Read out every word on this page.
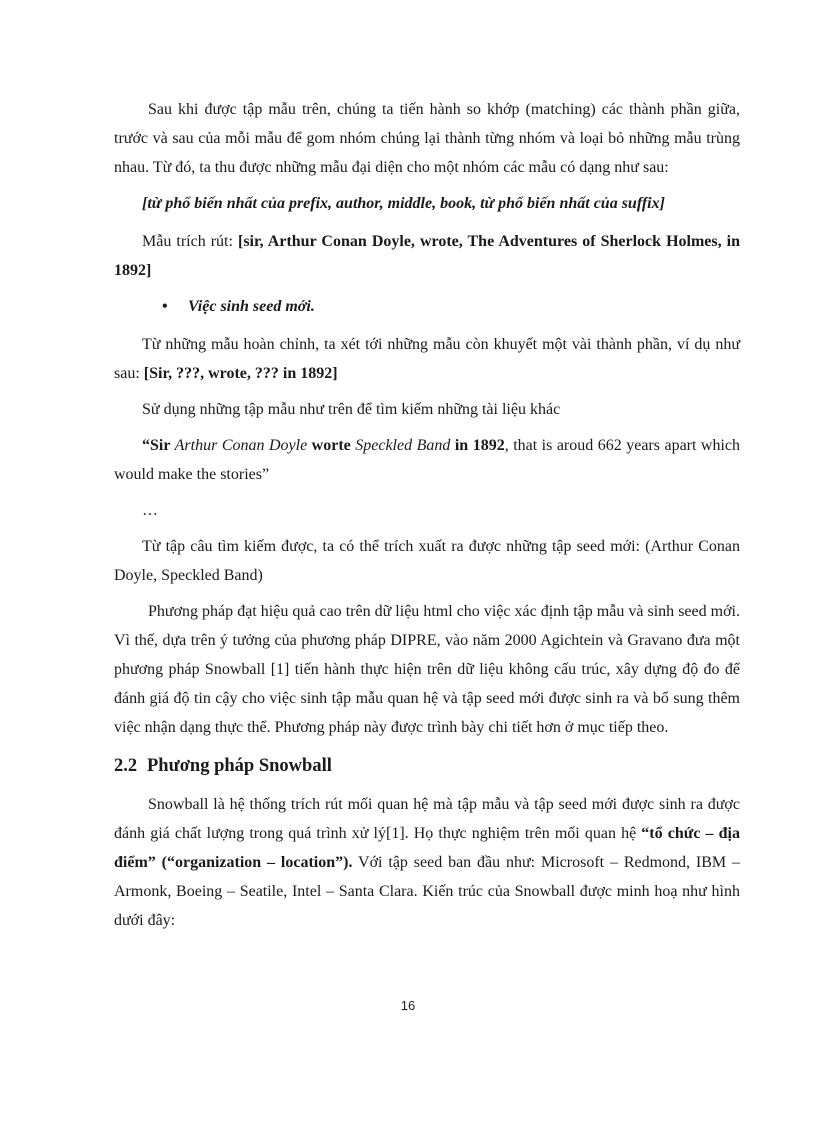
Sau khi được tập mẫu trên, chúng ta tiến hành so khớp (matching) các thành phần giữa, trước và sau của mỗi mẫu để gom nhóm chúng lại thành từng nhóm và loại bỏ những mẫu trùng nhau. Từ đó, ta thu được những mẫu đại diện cho một nhóm các mẫu có dạng như sau:

[từ phổ biến nhất của prefix, author, middle, book, từ phổ biến nhất của suffix]

Mẫu trích rút: [sir, Arthur Conan Doyle, wrote, The Adventures of Sherlock Holmes, in 1892]

• Việc sinh seed mới.

Từ những mẫu hoàn chỉnh, ta xét tới những mẫu còn khuyết một vài thành phần, ví dụ như sau: [Sir, ???, wrote, ??? in 1892]

Sử dụng những tập mẫu như trên để tìm kiếm những tài liệu khác

“Sir Arthur Conan Doyle worte Speckled Band in 1892, that is aroud 662 years apart which would make the stories”

…

Từ tập câu tìm kiếm được, ta có thể trích xuất ra được những tập seed mới: (Arthur Conan Doyle, Speckled Band)

Phương pháp đạt hiệu quả cao trên dữ liệu html cho việc xác định tập mẫu và sinh seed mới. Vì thế, dựa trên ý tưởng của phương pháp DIPRE, vào năm 2000 Agichtein và Gravano đưa một phương pháp Snowball [1] tiến hành thực hiện trên dữ liệu không cấu trúc, xây dựng độ đo để đánh giá độ tin cậy cho việc sinh tập mẫu quan hệ và tập seed mới được sinh ra và bổ sung thêm việc nhận dạng thực thể. Phương pháp này được trình bày chi tiết hơn ở mục tiếp theo.

2.2 Phương pháp Snowball

Snowball là hệ thống trích rút mối quan hệ mà tập mẫu và tập seed mới được sinh ra được đánh giá chất lượng trong quá trình xử lý[1]. Họ thực nghiệm trên mối quan hệ “tổ chức – địa điểm” (“organization – location”). Với tập seed ban đầu như: Microsoft – Redmond, IBM – Armonk, Boeing – Seatile, Intel – Santa Clara. Kiến trúc của Snowball được minh hoạ như hình dưới đây:

16
